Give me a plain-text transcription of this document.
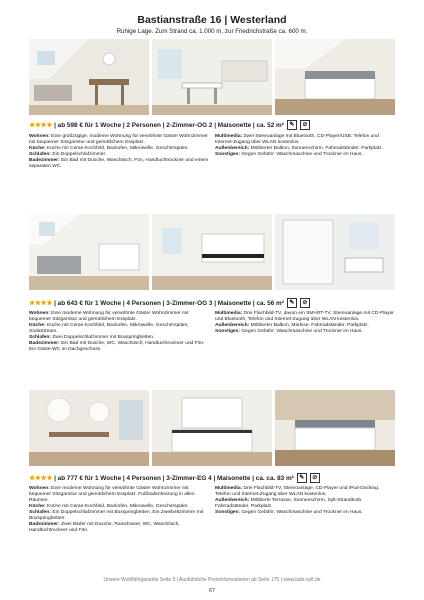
Bastianstraße 16 | Westerland
Ruhige Lage. Zum Strand ca. 1.000 m, zur Friedrichstraße ca. 600 m.
★★★★ | ab 598 € für 1 Woche | 2 Personen | 2-Zimmer-OG 2 | Maisonette | ca. 52 m² ✎	⊘

Wohnen: Eine großzügige, moderne Wohnung für verwöhnte Gäste! Wohnzimmer mit bequemer Sitzgarnitur und gemütlichem Essplatz.

Küche: Küche mit Ceran-Kochfeld, Backofen, Mikrowelle, Geschirrspüler.

Schlafen: Ein Doppelschlafzimmer.

Badezimmer: Ein Bad mit Dusche, Waschtisch, Fön, Handtuchtrockner und einem separaten WC.

Multimedia: Zwei Stereoanlage mit Bluetooth, CD-Player/USB. Telefon und Internet-Zugang über WLAN kostenlos.

Außenbereich: Möblierter Balkon, Sonnenschirm. Fahrradständer. Parkplatz.

Sonstiges: Gegen Gebühr: Waschmaschine und Trockner im Haus.

★★★★ | ab 643 € für 1 Woche | 4 Personen | 3-Zimmer-OG 3 | Maisonette | ca. 56 m² ✎	⊘

Wohnen: Eine moderne Wohnung für verwöhnte Gäste! Wohnzimmer mit bequemer Sitzgarnitur und gemütlichem Essplatz.

Küche: Küche mit Ceran-Kochfeld, Backofen, Mikrowelle, Geschirrspüler, SodaStream.

Schlafen: Zwei Doppelschlafzimmer mit Boxspringbetten.

Badezimmer: Ein Bad mit Dusche, WC, Waschtisch, Handtuchtrockner und Fön. Ein Gäste-WC im Dachgeschoss.

Multimedia: Drei Flachbild-TV, davon ein SMART-TV, Stereoanlage mit CD-Player und Bluetooth, Telefon und Internet-Zugang über WLAN kostenlos.

Außenbereich: Möblierter Balkon, Markise. Fahrradständer. Parkplatz.

Sonstiges: Gegen Gebühr: Waschmaschine und Trockner im Haus.

★★★★ | ab 777 € für 1 Woche | 4 Personen | 3-Zimmer-EG 4 | Maisonette | ca. ca. 83 m² ✎	⊘

Wohnen: Eine moderne Wohnung für verwöhnte Gäste! Wohnzimmer mit bequemer Sitzgarnitur und gemütlichem Essplatz. Fußbodenheizung in allen Räumen.

Küche: Küche mit Ceran-Kochfeld, Backofen, Mikrowelle, Geschirrspüler.

Schlafen: Ein Doppelschlafzimmer mit Boxspringbetten. Ein Zweibettzimmer mit Boxspringbetten.

Badezimmer: Zwei Bäder mit Dusche, Rainshower, WC, Waschtisch, Handtuchtrockner und Fön.

Multimedia: Drei Flachbild-TV, Stereoanlage, CD-Player und iPod-Docking. Telefon und Internet-Zugang über WLAN kostenlos.

Außenbereich: Möblierte Terrasse, Sonnenschirm, Sylt-Strandkorb. Fahrradständer. Parkplatz.

Sonstiges: Gegen Gebühr: Waschmaschine und Trockner im Haus.

Unsere Wohlfühlgarantie Seite 5 | Ausführliche Preisinformationen ab Seite 175 | www.bals-sylt.de
67
